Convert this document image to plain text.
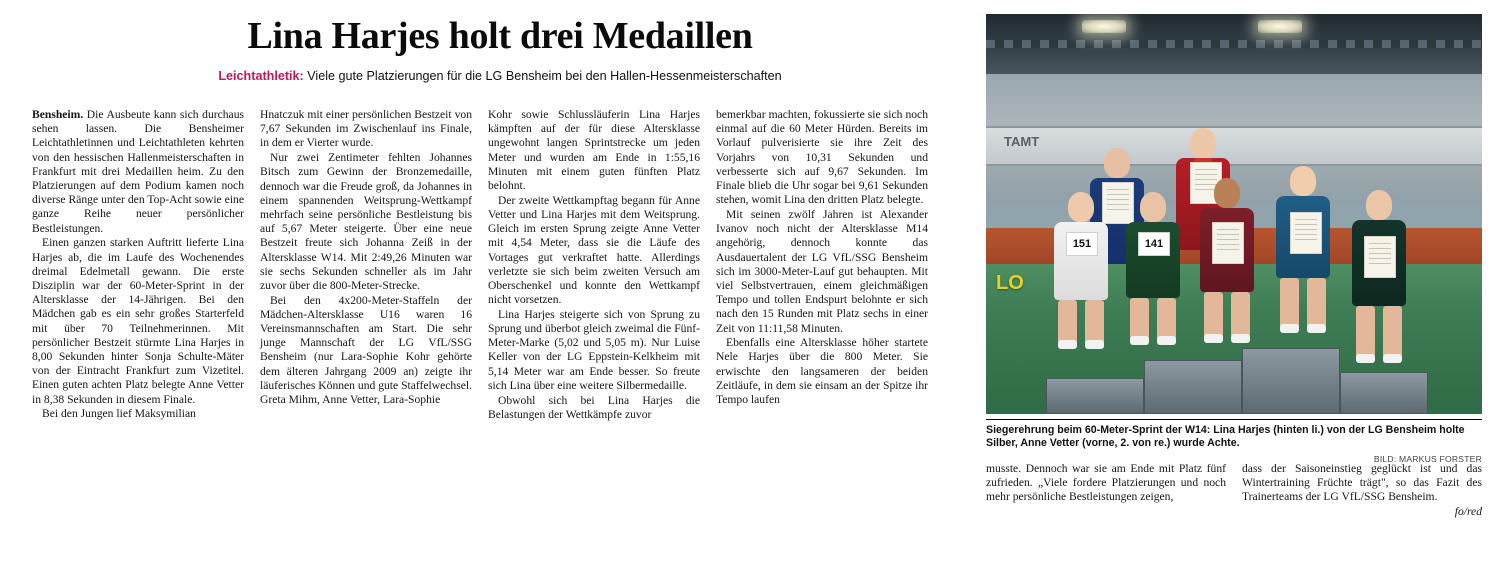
Lina Harjes holt drei Medaillen
Leichtathletik: Viele gute Platzierungen für die LG Bensheim bei den Hallen-Hessenmeisterschaften

Bensheim. Die Ausbeute kann sich durchaus sehen lassen. Die Bensheimer Leichtathletinnen und Leichtathleten kehrten von den hessischen Hallenmeisterschaften in Frankfurt mit drei Medaillen heim. Zu den Platzierungen auf dem Podium kamen noch diverse Ränge unter den Top-Acht sowie eine ganze Reihe neuer persönlicher Bestleistungen.

Einen ganzen starken Auftritt lieferte Lina Harjes ab, die im Laufe des Wochenendes dreimal Edelmetall gewann. Die erste Disziplin war der 60-Meter-Sprint in der Altersklasse der 14-Jährigen. Bei den Mädchen gab es ein sehr großes Starterfeld mit über 70 Teilnehmerinnen. Mit persönlicher Bestzeit stürmte Lina Harjes in 8,00 Sekunden hinter Sonja Schulte-Mäter von der Eintracht Frankfurt zum Vizetitel. Einen guten achten Platz belegte Anne Vetter in 8,38 Sekunden in diesem Finale.

Bei den Jungen lief Maksymilian

Hnatczuk mit einer persönlichen Bestzeit von 7,67 Sekunden im Zwischenlauf ins Finale, in dem er Vierter wurde.

Nur zwei Zentimeter fehlten Johannes Bitsch zum Gewinn der Bronzemedaille, dennoch war die Freude groß, da Johannes in einem spannenden Weitsprung-Wettkampf mehrfach seine persönliche Bestleistung bis auf 5,67 Meter steigerte. Über eine neue Bestzeit freute sich Johanna Zeiß in der Altersklasse W14. Mit 2:49,26 Minuten war sie sechs Sekunden schneller als im Jahr zuvor über die 800-Meter-Strecke.

Bei den 4x200-Meter-Staffeln der Mädchen-Altersklasse U16 waren 16 Vereinsmannschaften am Start. Die sehr junge Mannschaft der LG VfL/SSG Bensheim (nur Lara-Sophie Kohr gehörte dem älteren Jahrgang 2009 an) zeigte ihr läuferisches Können und gute Staffelwechsel. Greta Mihm, Anne Vetter, Lara-Sophie

Kohr sowie Schlussläuferin Lina Harjes kämpften auf der für diese Altersklasse ungewohnt langen Sprintstrecke um jeden Meter und wurden am Ende in 1:55,16 Minuten mit einem guten fünften Platz belohnt.

Der zweite Wettkampftag begann für Anne Vetter und Lina Harjes mit dem Weitsprung. Gleich im ersten Sprung zeigte Anne Vetter mit 4,54 Meter, dass sie die Läufe des Vortages gut verkraftet hatte. Allerdings verletzte sie sich beim zweiten Versuch am Oberschenkel und konnte den Wettkampf nicht vorsetzen.

Lina Harjes steigerte sich von Sprung zu Sprung und überbot gleich zweimal die Fünf-Meter-Marke (5,02 und 5,05 m). Nur Luise Keller von der LG Eppstein-Kelkheim mit 5,14 Meter war am Ende besser. So freute sich Lina über eine weitere Silbermedaille.

Obwohl sich bei Lina Harjes die Belastungen der Wettkämpfe zuvor

bemerkbar machten, fokussierte sie sich noch einmal auf die 60 Meter Hürden. Bereits im Vorlauf pulverisierte sie ihre Zeit des Vorjahrs von 10,31 Sekunden und verbesserte sich auf 9,67 Sekunden. Im Finale blieb die Uhr sogar bei 9,61 Sekunden stehen, womit Lina den dritten Platz belegte.

Mit seinen zwölf Jahren ist Alexander Ivanov noch nicht der Altersklasse M14 angehörig, dennoch konnte das Ausdauertalent der LG VfL/SSG Bensheim sich im 3000-Meter-Lauf gut behaupten. Mit viel Selbstvertrauen, einem gleichmäßigen Tempo und tollen Endspurt belohnte er sich nach den 15 Runden mit Platz sechs in einer Zeit von 11:11,58 Minuten.

Ebenfalls eine Altersklasse höher startete Nele Harjes über die 800 Meter. Sie erwischte den langsameren der beiden Zeitläufe, in dem sie einsam an der Spitze ihr Tempo laufen

TAMT
LO
151	141
Siegerehrung beim 60-Meter-Sprint der W14: Lina Harjes (hinten li.) von der LG Bensheim holte Silber, Anne Vetter (vorne, 2. von re.) wurde Achte.
BILD: MARKUS FORSTER

musste. Dennoch war sie am Ende mit Platz fünf zufrieden. „Viele fordere Platzierungen und noch mehr persönliche Bestleistungen zeigen,

dass der Saisoneinstieg geglückt ist und das Wintertraining Früchte trägt", so das Fazit des Trainerteams der LG VfL/SSG Bensheim.

fo/red
